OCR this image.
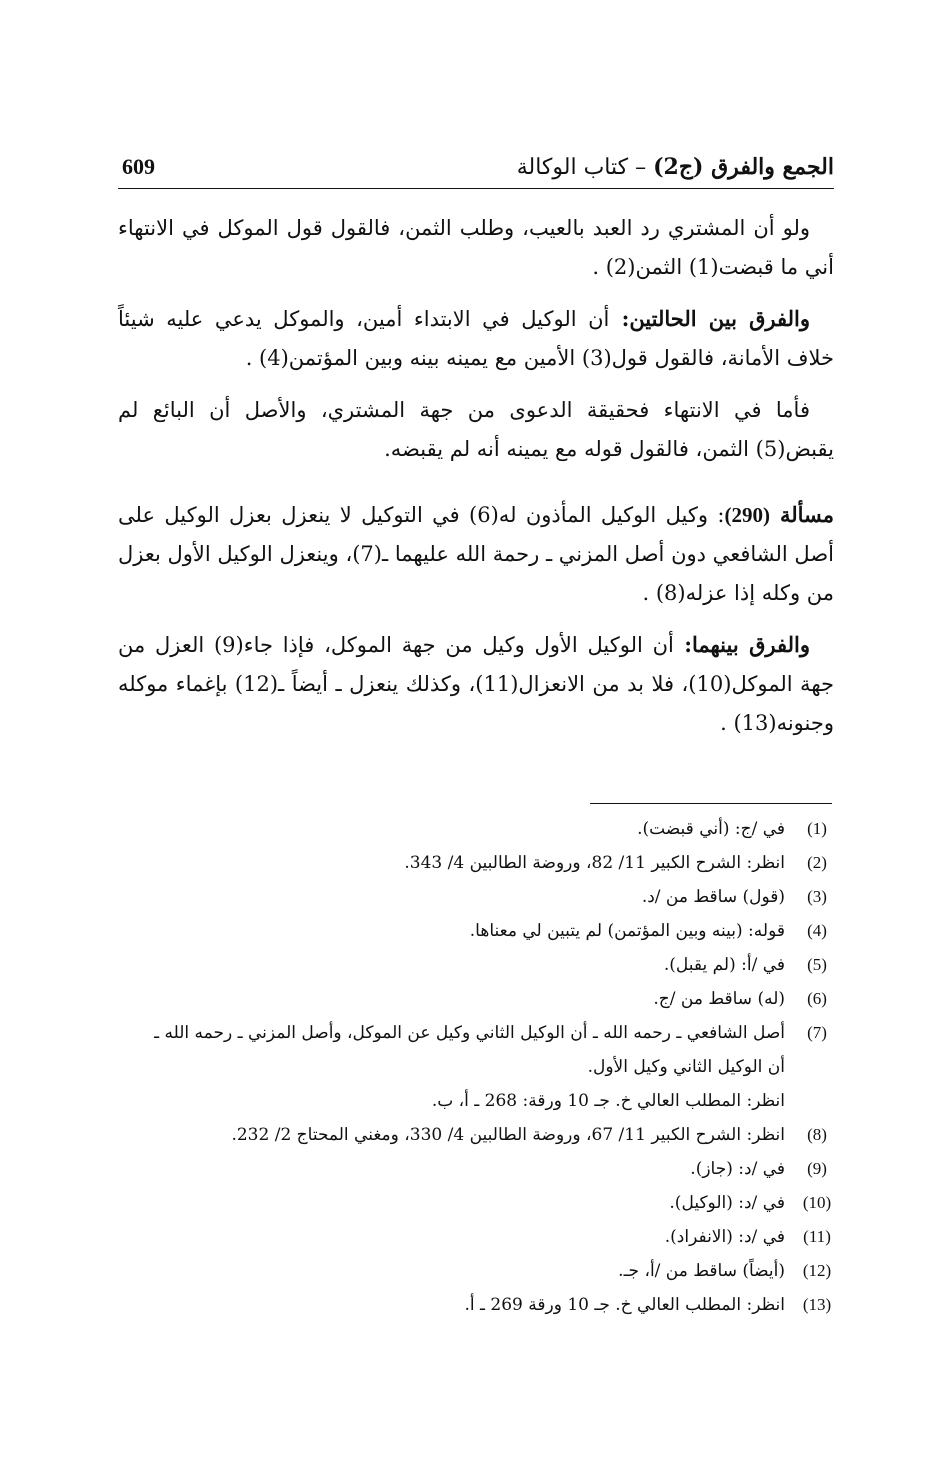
الجمع والفرق (ج2) – كتاب الوكالة
609

ولو أن المشتري رد العبد بالعيب، وطلب الثمن، فالقول قول الموكل في الانتهاء أني ما قبضت(1) الثمن(2) .

والفرق بين الحالتين: أن الوكيل في الابتداء أمين، والموكل يدعي عليه شيئاً خلاف الأمانة، فالقول قول(3) الأمين مع يمينه بينه وبين المؤتمن(4) .

فأما في الانتهاء فحقيقة الدعوى من جهة المشتري، والأصل أن البائع لم يقبض(5) الثمن، فالقول قوله مع يمينه أنه لم يقبضه.

مسألة (290): وكيل الوكيل المأذون له(6) في التوكيل لا ينعزل بعزل الوكيل على أصل الشافعي دون أصل المزني ـ رحمة الله عليهما ـ(7)، وينعزل الوكيل الأول بعزل من وكله إذا عزله(8) .

والفرق بينهما: أن الوكيل الأول وكيل من جهة الموكل، فإذا جاء(9) العزل من جهة الموكل(10)، فلا بد من الانعزال(11)، وكذلك ينعزل ـ أيضاً ـ(12) بإغماء موكله وجنونه(13) .

(1)
في /ج: (أني قبضت).
(2)
انظر: الشرح الكبير 11/ 82، وروضة الطالبين 4/ 343.
(3)
(قول) ساقط من /د.
(4)
قوله: (بينه وبين المؤتمن) لم يتبين لي معناها.
(5)
في /أ: (لم يقبل).
(6)
(له) ساقط من /ج.
(7)
أصل الشافعي ـ رحمه الله ـ أن الوكيل الثاني وكيل عن الموكل، وأصل المزني ـ رحمه الله ـ
أن الوكيل الثاني وكيل الأول.
انظر: المطلب العالي خ. جـ 10 ورقة: 268 ـ أ، ب.
(8)
انظر: الشرح الكبير 11/ 67، وروضة الطالبين 4/ 330، ومغني المحتاج 2/ 232.
(9)
في /د: (جاز).
(10)
في /د: (الوكيل).
(11)
في /د: (الانفراد).
(12)
(أيضاً) ساقط من /أ، جـ.
(13)
انظر: المطلب العالي خ. جـ 10 ورقة 269 ـ أ.
